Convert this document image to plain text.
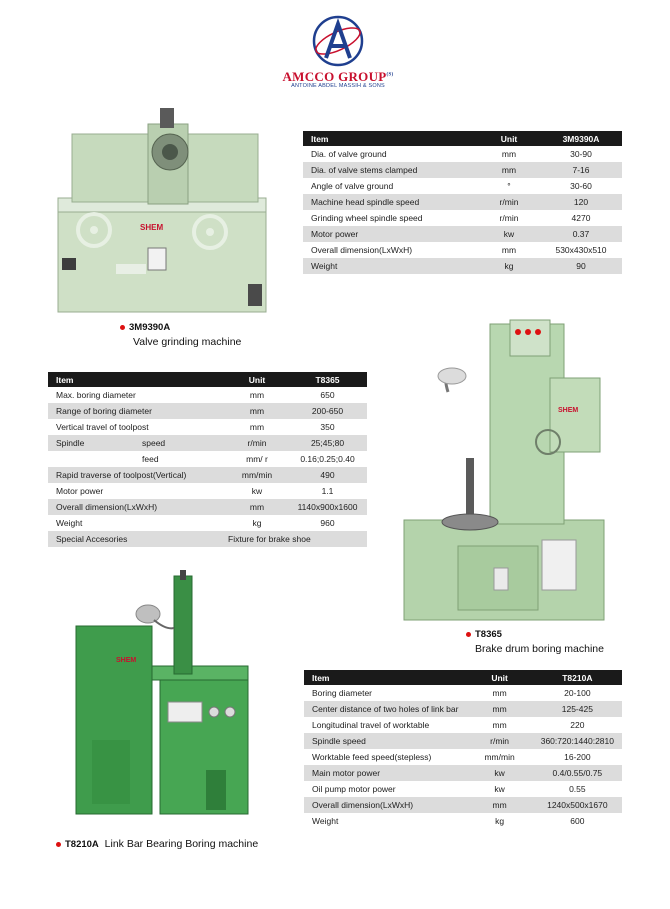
AMCCO $GROUP^{(S)}$
ANTOINE ABDEL MASSIH & SONS
SHEM
Item	Unit	3M9390A
Dia. of valve ground	mm	30-90
Dia. of valve stems clamped	mm	7-16
Angle of valve ground	°	30-60
Machine head spindle speed	r/min	120
Grinding wheel spindle speed	r/min	4270
Motor power	kw	0.37
Overall dimension(LxWxH)	mm	530x430x510
Weight	kg	90
3M9390A
Valve grinding machine
Item		Unit	T8365
Max. boring diameter		mm	650
Range of boring diameter		mm	200-650
Vertical travel of toolpost		mm	350
Spindle	speed	r/min	25;45;80
	feed	mm/ r	0.16;0.25;0.40
Rapid traverse of toolpost(Vertical)		mm/min	490
Motor power		kw	1.1
Overall dimension(LxWxH)		mm	1140x900x1600
Weight		kg	960
Special Accesories		Fixture for brake shoe	
SHEM
T8365
Brake drum boring machine
SHEM
Item	Unit	T8210A
Boring diameter	mm	20-100
Center distance of two holes of link bar	mm	125-425
Longitudinal travel of worktable	mm	220
Spindle speed	r/min	360:720:1440:2810
Worktable feed speed(stepless)	mm/min	16-200
Main motor power	kw	0.4/0.55/0.75
Oil pump motor power	kw	0.55
Overall dimension(LxWxH)	mm	1240x500x1670
Weight	kg	600
T8210A Link Bar Bearing Boring machine
